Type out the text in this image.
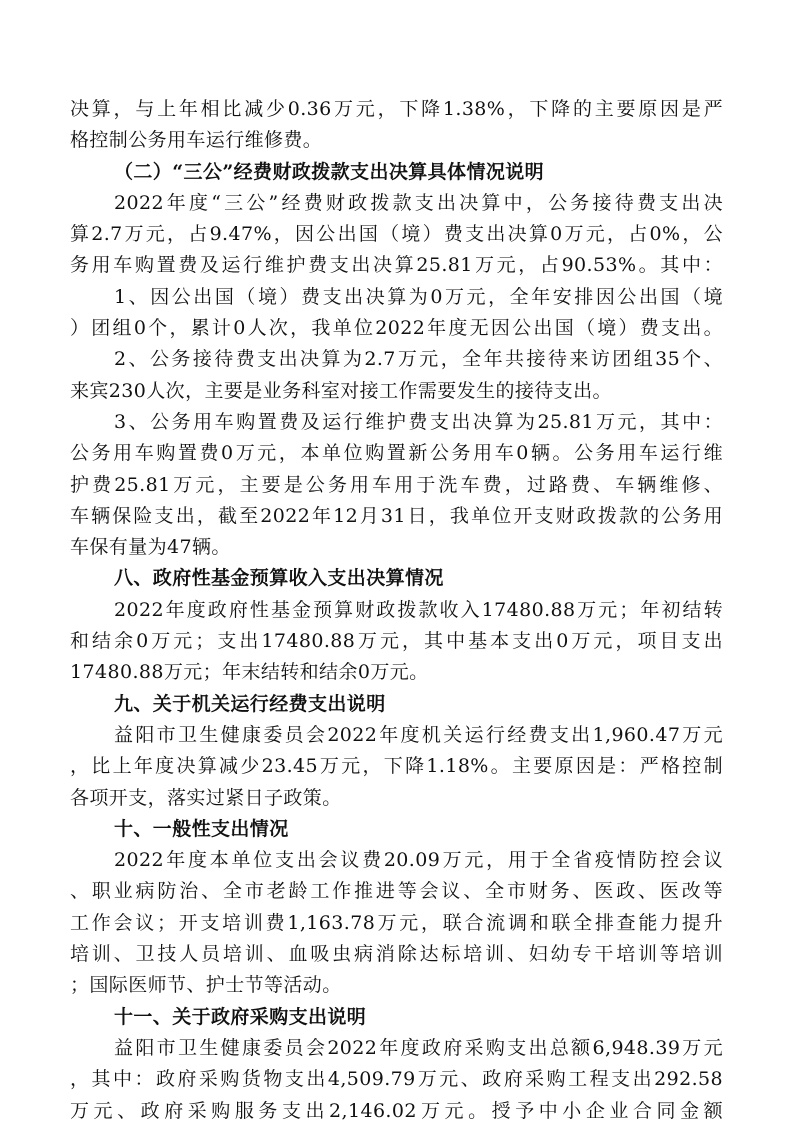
决算，与上年相比减少0.36万元，下降1.38%，下降的主要原因是严
格控制公务用车运行维修费。
（二）“三公”经费财政拨款支出决算具体情况说明
2022年度“三公”经费财政拨款支出决算中，公务接待费支出决
算2.7万元，占9.47%，因公出国（境）费支出决算0万元，占0%，公
务用车购置费及运行维护费支出决算25.81万元，占90.53%。其中：
1、因公出国（境）费支出决算为0万元，全年安排因公出国（境
）团组0个，累计0人次，我单位2022年度无因公出国（境）费支出。
2、公务接待费支出决算为2.7万元，全年共接待来访团组35个、
来宾230人次，主要是业务科室对接工作需要发生的接待支出。
3、公务用车购置费及运行维护费支出决算为25.81万元，其中：
公务用车购置费0万元，本单位购置新公务用车0辆。公务用车运行维
护费25.81万元，主要是公务用车用于洗车费，过路费、车辆维修、
车辆保险支出，截至2022年12月31日，我单位开支财政拨款的公务用
车保有量为47辆。
八、政府性基金预算收入支出决算情况
2022年度政府性基金预算财政拨款收入17480.88万元；年初结转
和结余0万元；支出17480.88万元，其中基本支出0万元，项目支出
17480.88万元；年末结转和结余0万元。
九、关于机关运行经费支出说明
益阳市卫生健康委员会2022年度机关运行经费支出1,960.47万元
，比上年度决算减少23.45万元，下降1.18%。主要原因是：严格控制
各项开支，落实过紧日子政策。
十、一般性支出情况
2022年度本单位支出会议费20.09万元，用于全省疫情防控会议
、职业病防治、全市老龄工作推进等会议、全市财务、医政、医改等
工作会议；开支培训费1,163.78万元，联合流调和联全排查能力提升
培训、卫技人员培训、血吸虫病消除达标培训、妇幼专干培训等培训
；国际医师节、护士节等活动。
十一、关于政府采购支出说明
益阳市卫生健康委员会2022年度政府采购支出总额6,948.39万元
，其中：政府采购货物支出4,509.79万元、政府采购工程支出292.58
万元、政府采购服务支出2,146.02万元。授予中小企业合同金额
